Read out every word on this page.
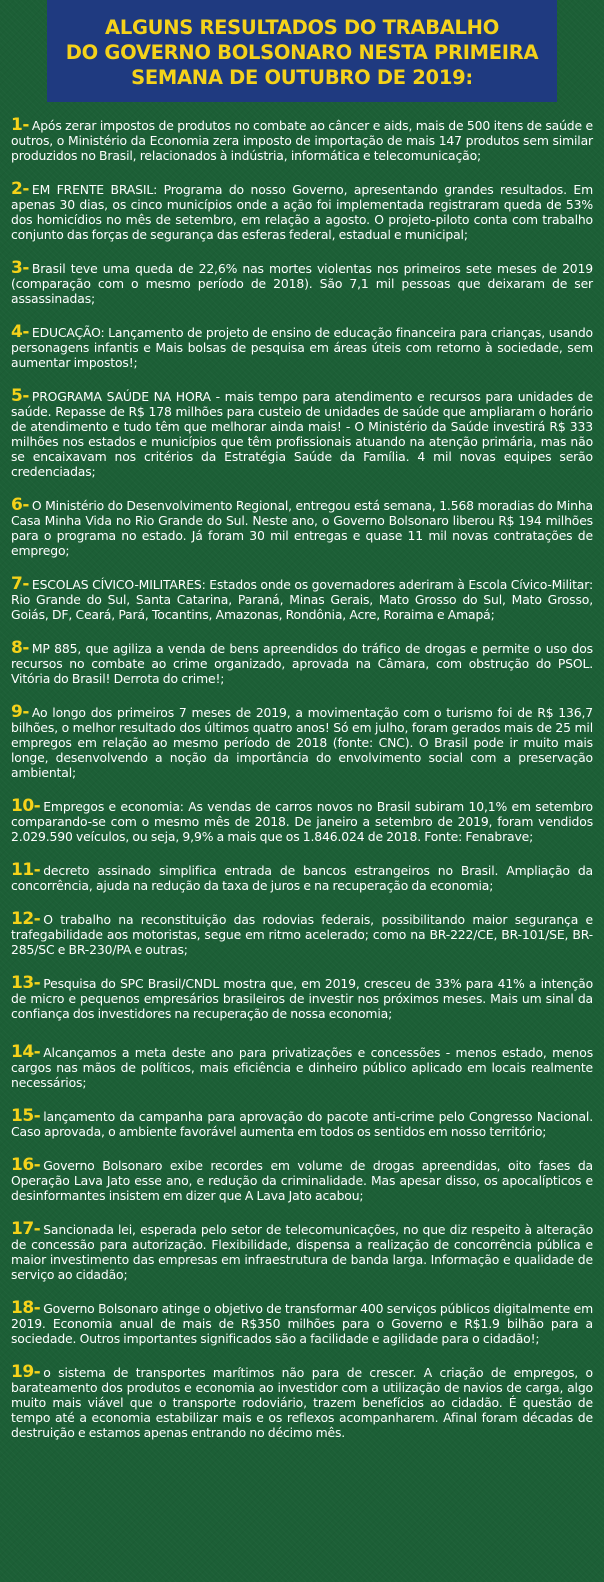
ALGUNS RESULTADOS DO TRABALHO
DO GOVERNO BOLSONARO NESTA PRIMEIRA
SEMANA DE OUTUBRO DE 2019:

1- Após zerar impostos de produtos no combate ao câncer e aids, mais de 500 itens de saúde e outros, o Ministério da Economia zera imposto de importação de mais 147 produtos sem similar produzidos no Brasil, relacionados à indústria, informática e telecomunicação;

2- EM FRENTE BRASIL: Programa do nosso Governo, apresentando grandes resultados. Em apenas 30 dias, os cinco municípios onde a ação foi implementada registraram queda de 53% dos homicídios no mês de setembro, em relação a agosto. O projeto-piloto conta com trabalho conjunto das forças de segurança das esferas federal, estadual e municipal;

3- Brasil teve uma queda de 22,6% nas mortes violentas nos primeiros sete meses de 2019 (comparação com o mesmo período de 2018). São 7,1 mil pessoas que deixaram de ser assassinadas;

4- EDUCAÇÃO: Lançamento de projeto de ensino de educação financeira para crianças, usando personagens infantis e Mais bolsas de pesquisa em áreas úteis com retorno à sociedade, sem aumentar impostos!;

5- PROGRAMA SAÚDE NA HORA - mais tempo para atendimento e recursos para unidades de saúde. Repasse de R$ 178 milhões para custeio de unidades de saúde que ampliaram o horário de atendimento e tudo têm que melhorar ainda mais! - O Ministério da Saúde investirá R$ 333 milhões nos estados e municípios que têm profissionais atuando na atenção primária, mas não se encaixavam nos critérios da Estratégia Saúde da Família. 4 mil novas equipes serão credenciadas;

6- O Ministério do Desenvolvimento Regional, entregou está semana, 1.568 moradias do Minha Casa Minha Vida no Rio Grande do Sul. Neste ano, o Governo Bolsonaro liberou R$ 194 milhões para o programa no estado. Já foram 30 mil entregas e quase 11 mil novas contratações de emprego;

7- ESCOLAS CÍVICO-MILITARES: Estados onde os governadores aderiram à Escola Cívico-Militar: Rio Grande do Sul, Santa Catarina, Paraná, Minas Gerais, Mato Grosso do Sul, Mato Grosso, Goiás, DF, Ceará, Pará, Tocantins, Amazonas, Rondônia, Acre, Roraima e Amapá;

8- MP 885, que agiliza a venda de bens apreendidos do tráfico de drogas e permite o uso dos recursos no combate ao crime organizado, aprovada na Câmara, com obstrução do PSOL. Vitória do Brasil! Derrota do crime!;

9- Ao longo dos primeiros 7 meses de 2019, a movimentação com o turismo foi de R$ 136,7 bilhões, o melhor resultado dos últimos quatro anos! Só em julho, foram gerados mais de 25 mil empregos em relação ao mesmo período de 2018 (fonte: CNC). O Brasil pode ir muito mais longe, desenvolvendo a noção da importância do envolvimento social com a preservação ambiental;

10- Empregos e economia: As vendas de carros novos no Brasil subiram 10,1% em setembro comparando-se com o mesmo mês de 2018. De janeiro a setembro de 2019, foram vendidos 2.029.590 veículos, ou seja, 9,9% a mais que os 1.846.024 de 2018. Fonte: Fenabrave;

11- decreto assinado simplifica entrada de bancos estrangeiros no Brasil. Ampliação da concorrência, ajuda na redução da taxa de juros e na recuperação da economia;

12- O trabalho na reconstituição das rodovias federais, possibilitando maior segurança e trafegabilidade aos motoristas, segue em ritmo acelerado; como na BR-222/CE, BR-101/SE, BR-285/SC e BR-230/PA e outras;

13- Pesquisa do SPC Brasil/CNDL mostra que, em 2019, cresceu de 33% para 41% a intenção de micro e pequenos empresários brasileiros de investir nos próximos meses. Mais um sinal da confiança dos investidores na recuperação de nossa economia;

14- Alcançamos a meta deste ano para privatizações e concessões - menos estado, menos cargos nas mãos de políticos, mais eficiência e dinheiro público aplicado em locais realmente necessários;

15- lançamento da campanha para aprovação do pacote anti-crime pelo Congresso Nacional. Caso aprovada, o ambiente favorável aumenta em todos os sentidos em nosso território;

16- Governo Bolsonaro exibe recordes em volume de drogas apreendidas, oito fases da Operação Lava Jato esse ano, e redução da criminalidade. Mas apesar disso, os apocalípticos e desinformantes insistem em dizer que A Lava Jato acabou;

17- Sancionada lei, esperada pelo setor de telecomunicações, no que diz respeito à alteração de concessão para autorização. Flexibilidade, dispensa a realização de concorrência pública e maior investimento das empresas em infraestrutura de banda larga. Informação e qualidade de serviço ao cidadão;

18- Governo Bolsonaro atinge o objetivo de transformar 400 serviços públicos digitalmente em 2019. Economia anual de mais de R$350 milhões para o Governo e R$1.9 bilhão para a sociedade. Outros importantes significados são a facilidade e agilidade para o cidadão!;

19- o sistema de transportes marítimos não para de crescer. A criação de empregos, o barateamento dos produtos e economia ao investidor com a utilização de navios de carga, algo muito mais viável que o transporte rodoviário, trazem benefícios ao cidadão. É questão de tempo até a economia estabilizar mais e os reflexos acompanharem. Afinal foram décadas de destruição e estamos apenas entrando no décimo mês.
